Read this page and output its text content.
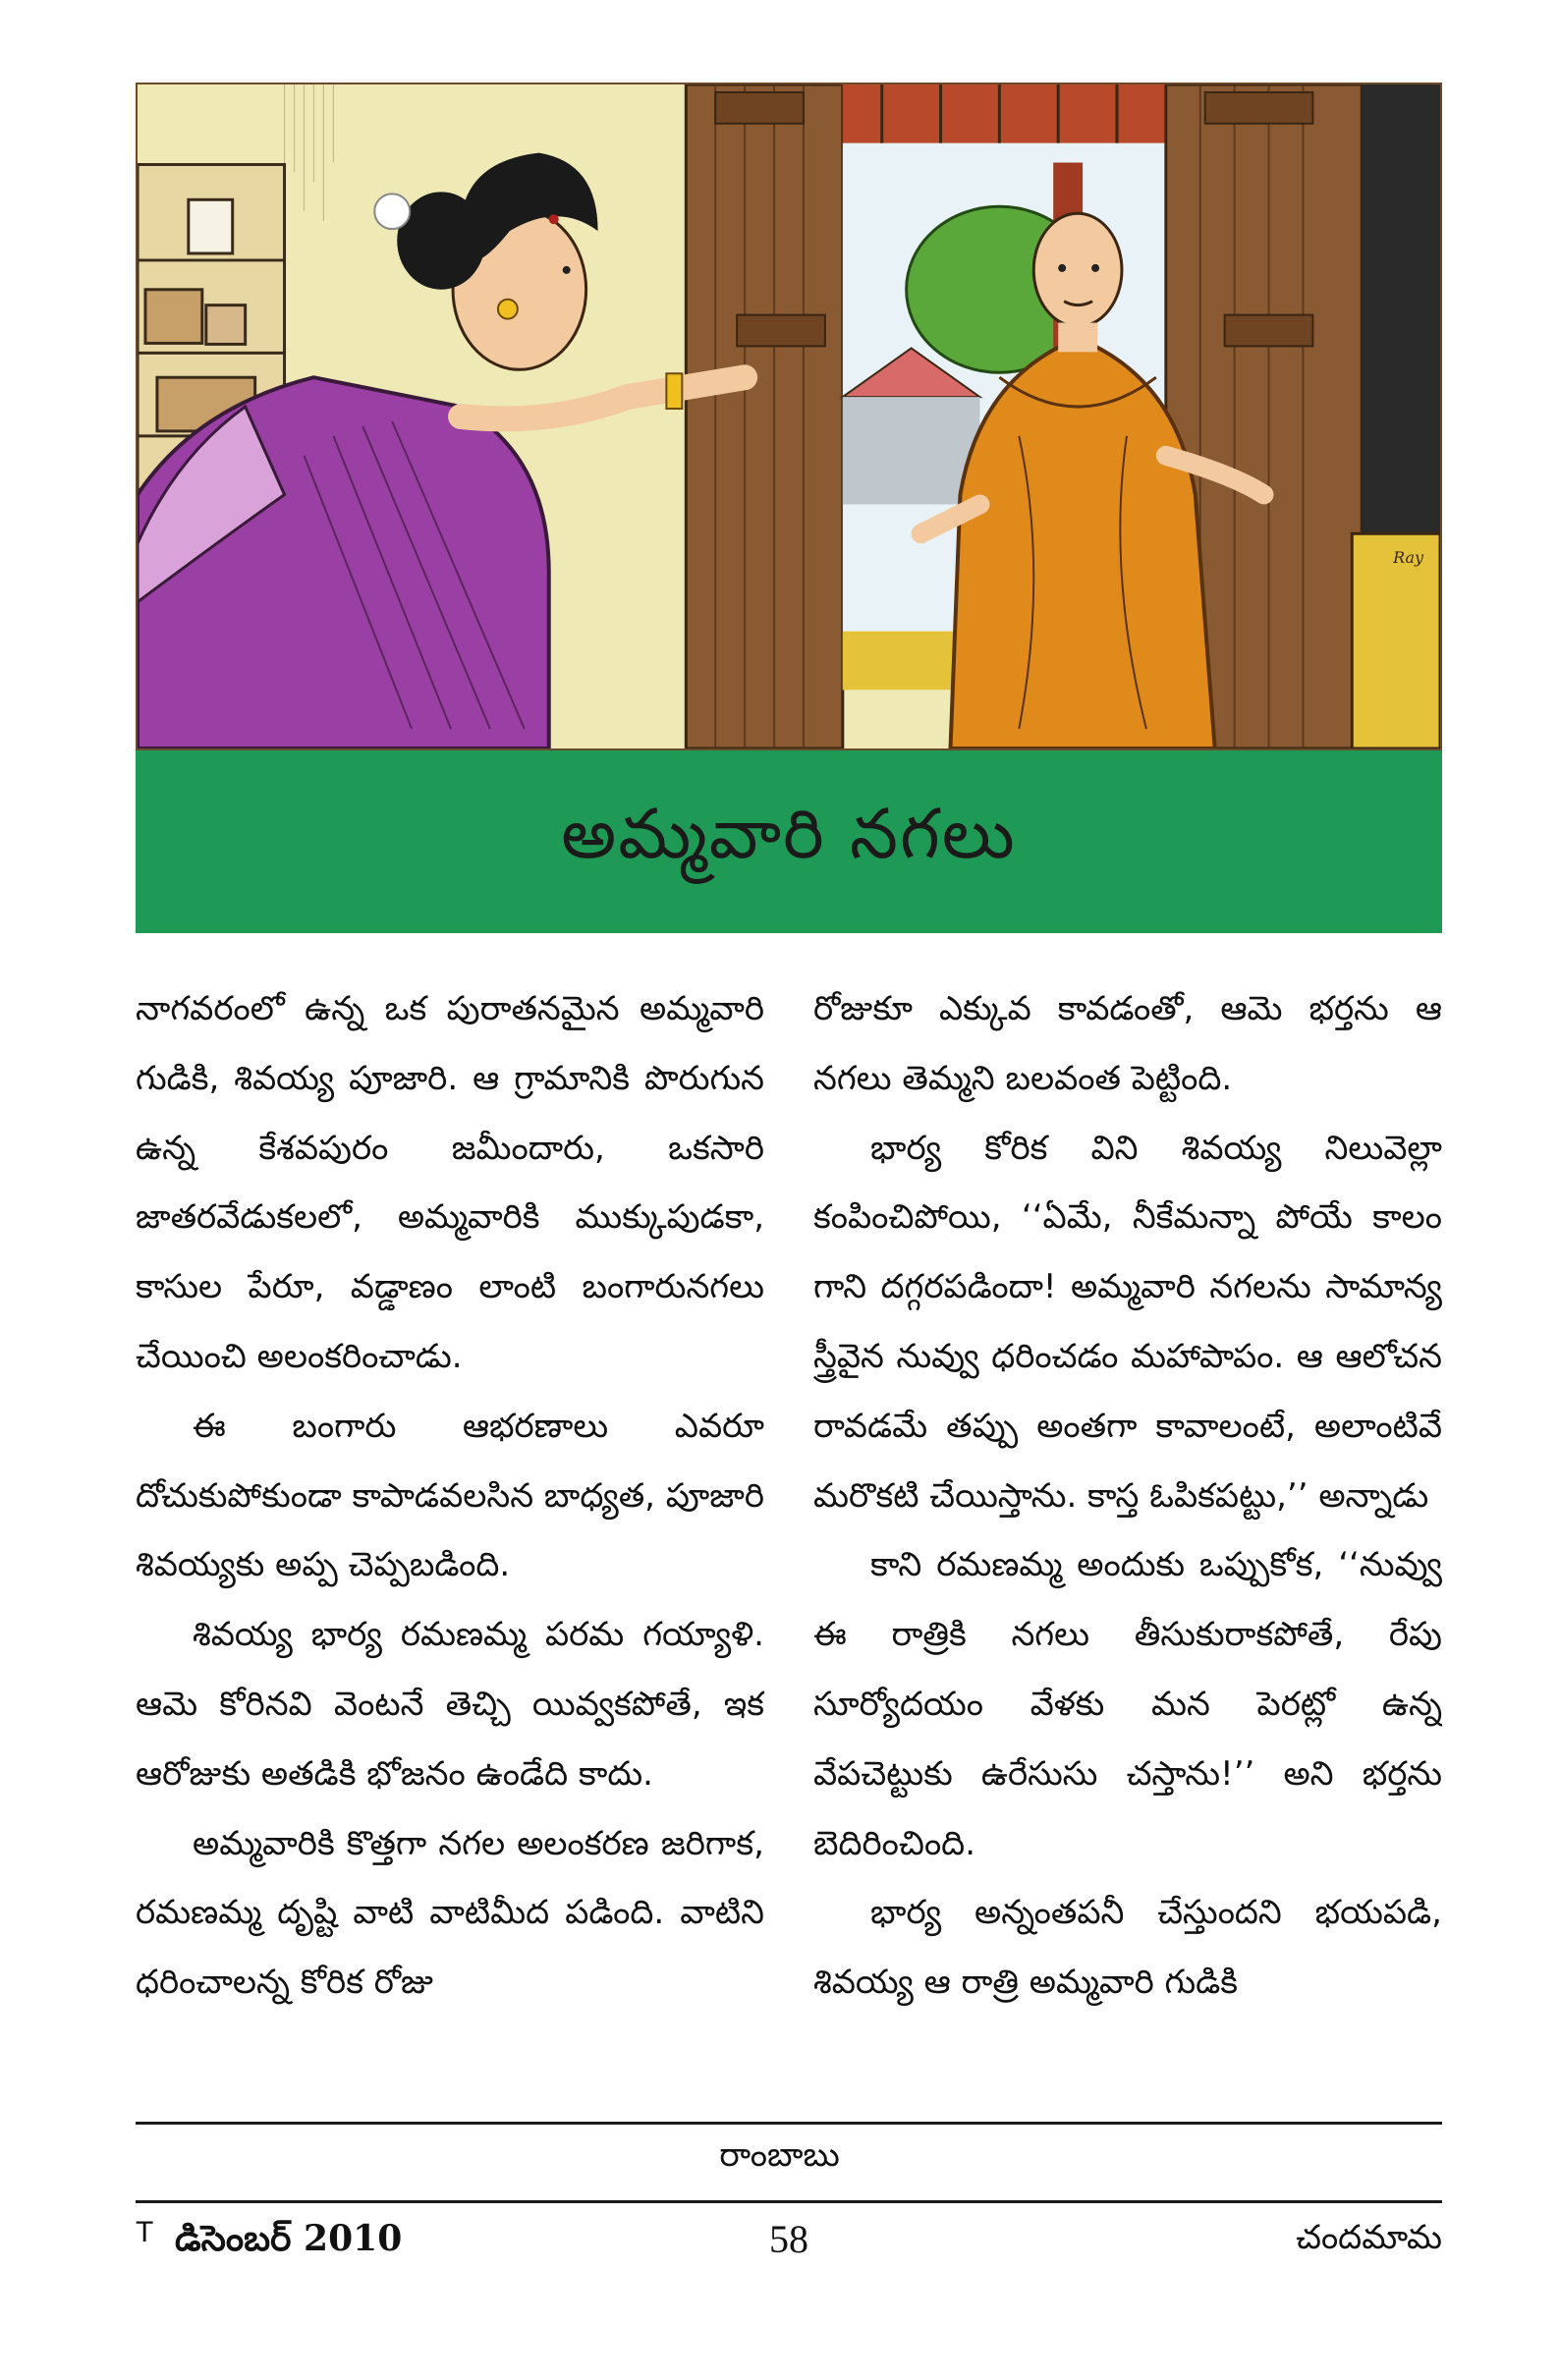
Ray
అమ్మవారి నగలు

నాగవరంలో ఉన్న ఒక పురాతనమైన అమ్మవారి గుడికి, శివయ్య పూజారి. ఆ గ్రామానికి పొరుగున ఉన్న కేశవపురం జమీందారు, ఒకసారి జాతరవేడుకలలో, అమ్మవారికి ముక్కుపుడకా, కాసుల పేరూ, వడ్డాణం లాంటి బంగారునగలు చేయించి అలంకరించాడు.

ఈ బంగారు ఆభరణాలు ఎవరూ దోచుకుపోకుండా కాపాడవలసిన బాధ్యత, పూజారి శివయ్యకు అప్ప చెప్పబడింది.

శివయ్య భార్య రమణమ్మ పరమ గయ్యాళి. ఆమె కోరినవి వెంటనే తెచ్చి యివ్వకపోతే, ఇక ఆరోజుకు అతడికి భోజనం ఉండేది కాదు.

అమ్మవారికి కొత్తగా నగల అలంకరణ జరిగాక, రమణమ్మ దృష్టి వాటి వాటిమీద పడింది. వాటిని ధరించాలన్న కోరిక రోజు

రోజుకూ ఎక్కువ కావడంతో, ఆమె భర్తను ఆ నగలు తెమ్మని బలవంత పెట్టింది.

భార్య కోరిక విని శివయ్య నిలువెల్లా కంపించిపోయి, ‘‘ఏమే, నీకేమన్నా పోయే కాలం గాని దగ్గరపడిందా! అమ్మవారి నగలను సామాన్య స్త్రీవైన నువ్వు ధరించడం మహాపాపం. ఆ ఆలోచన రావడమే తప్పు అంతగా కావాలంటే, అలాంటివే మరొకటి చేయిస్తాను. కాస్త ఓపికపట్టు,’’ అన్నాడు

కాని రమణమ్మ అందుకు ఒప్పుకోక, ‘‘నువ్వు ఈ రాత్రికి నగలు తీసుకురాకపోతే, రేపు సూర్యోదయం వేళకు మన పెరట్లో ఉన్న వేపచెట్టుకు ఉరేసుసు చస్తాను!’’ అని భర్తను బెదిరించింది.

భార్య అన్నంతపనీ చేస్తుందని భయపడి, శివయ్య ఆ రాత్రి అమ్మవారి గుడికి

రాంబాబు

T డిసెంబర్ 2010	58	చందమామ
